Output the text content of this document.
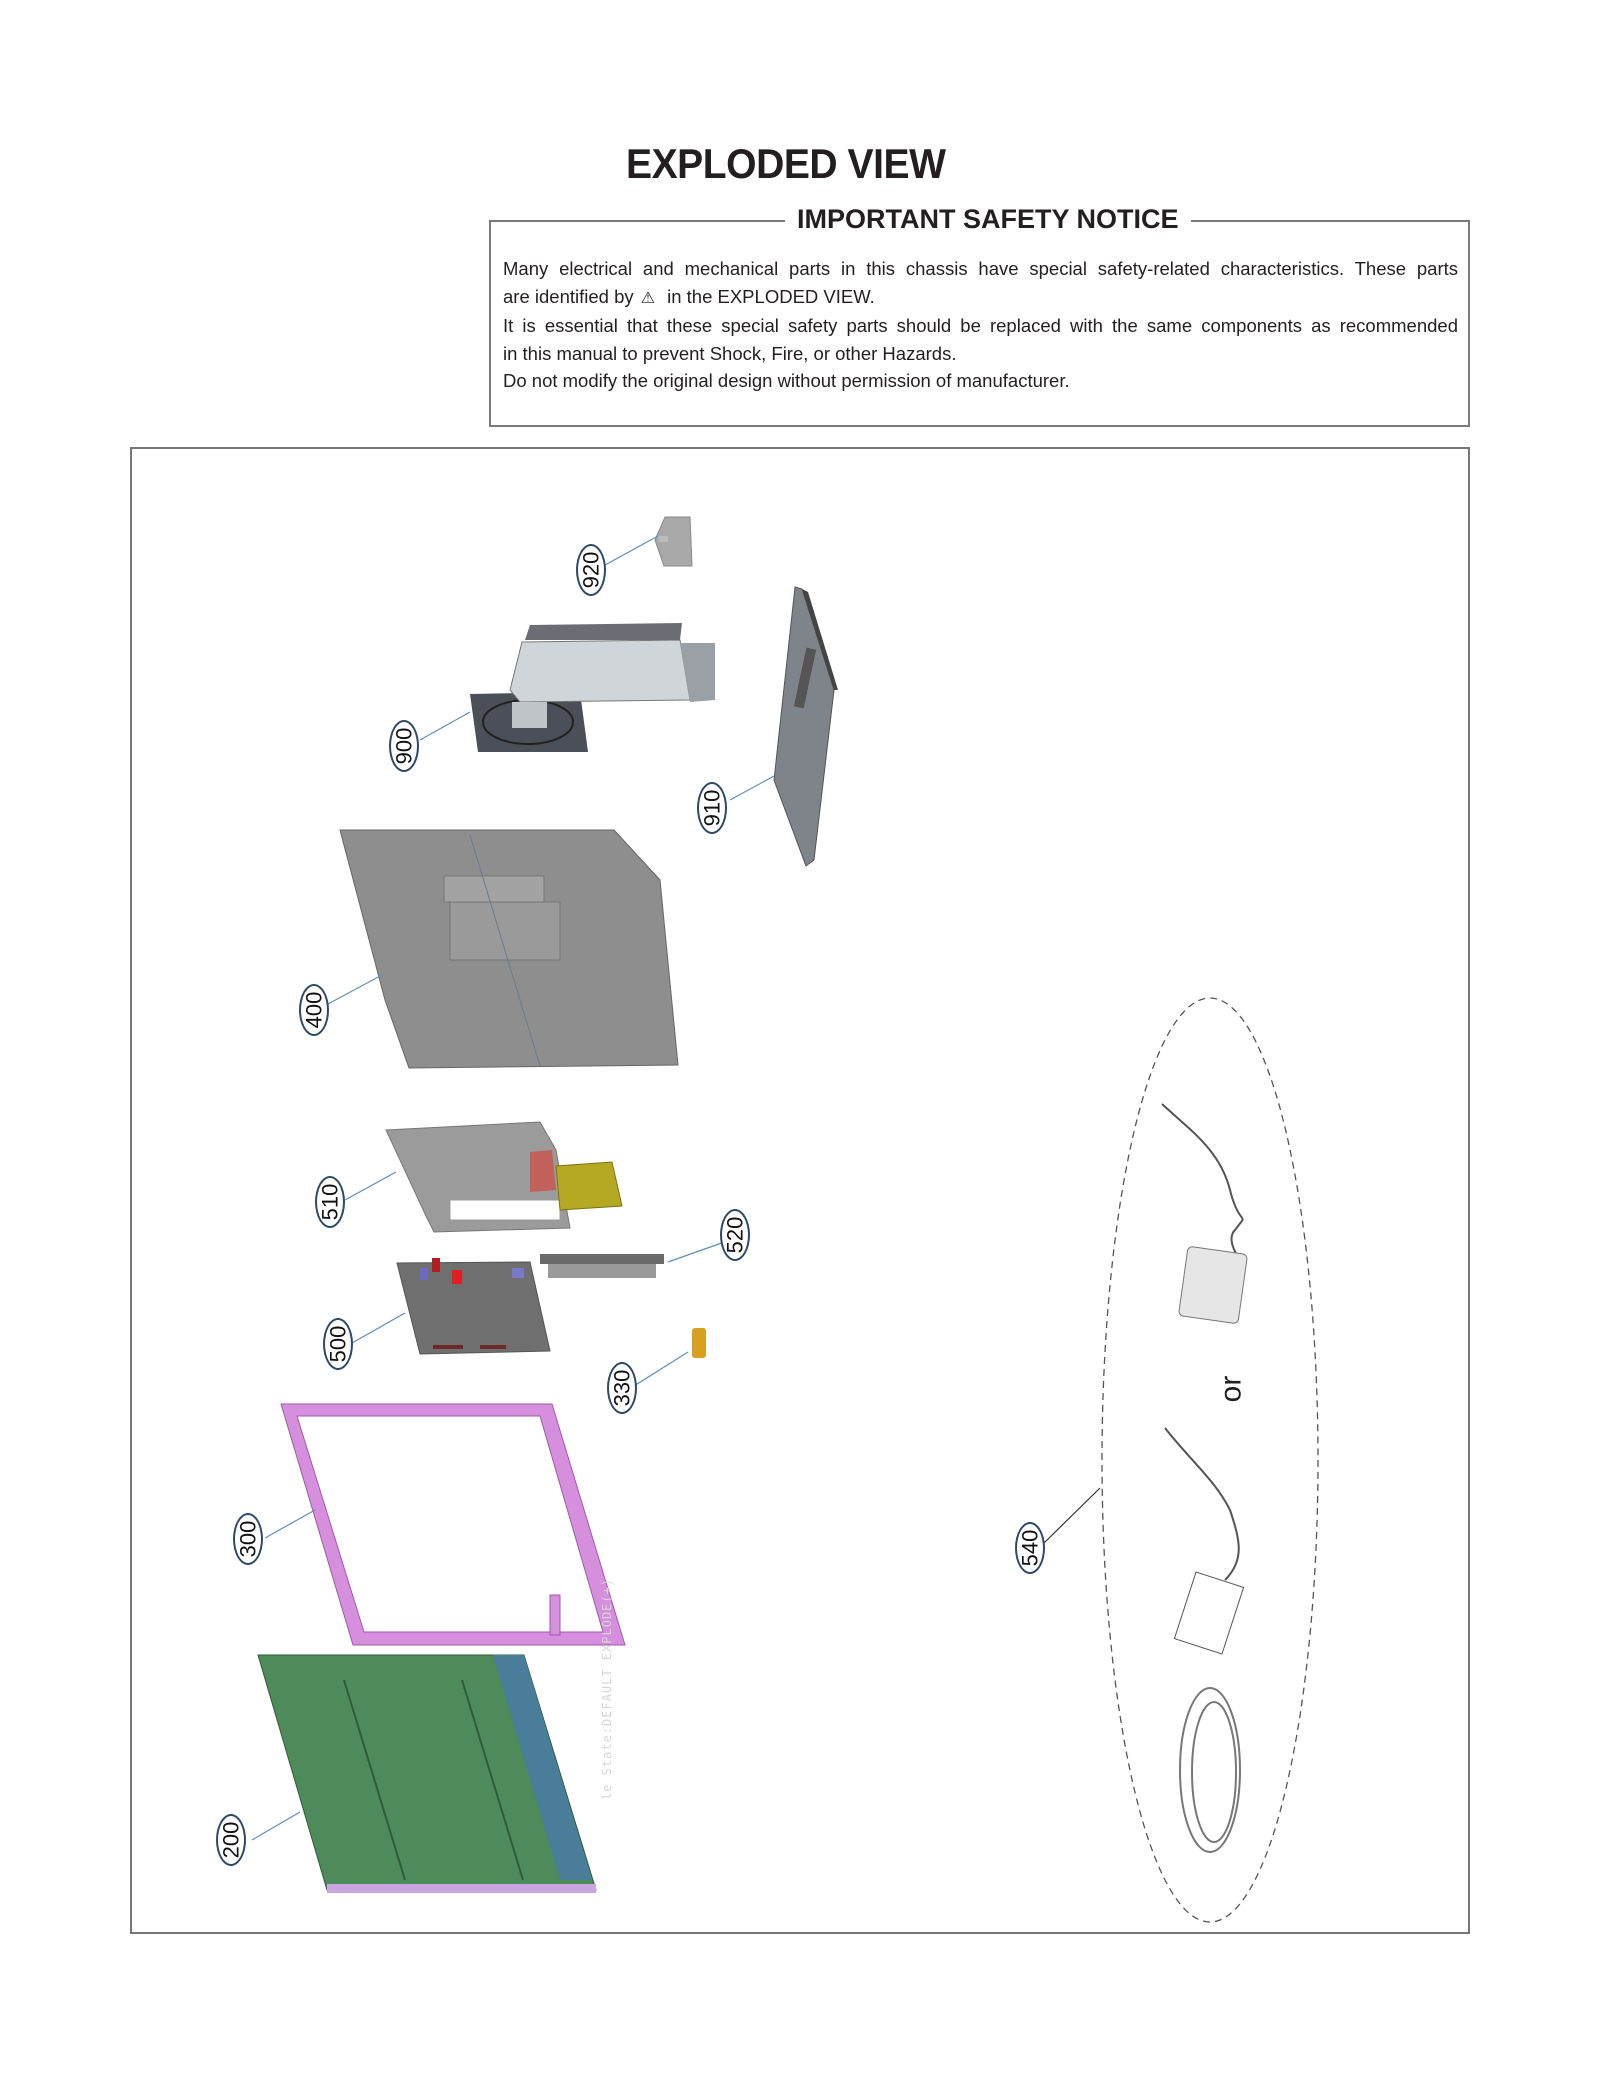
EXPLODED VIEW
IMPORTANT SAFETY NOTICE

Many electrical and mechanical parts in this chassis have special safety-related characteristics. These parts

are identified by ⚠ in the EXPLODED VIEW.

It is essential that these special safety parts should be replaced with the same components as recommended

in this manual to prevent Shock, Fire, or other Hazards.

Do not modify the original design without permission of manufacturer.

920
900
910
400
510
520
500
330
300
200
540
or
le State:DEFAULT EXPLODE(+)
